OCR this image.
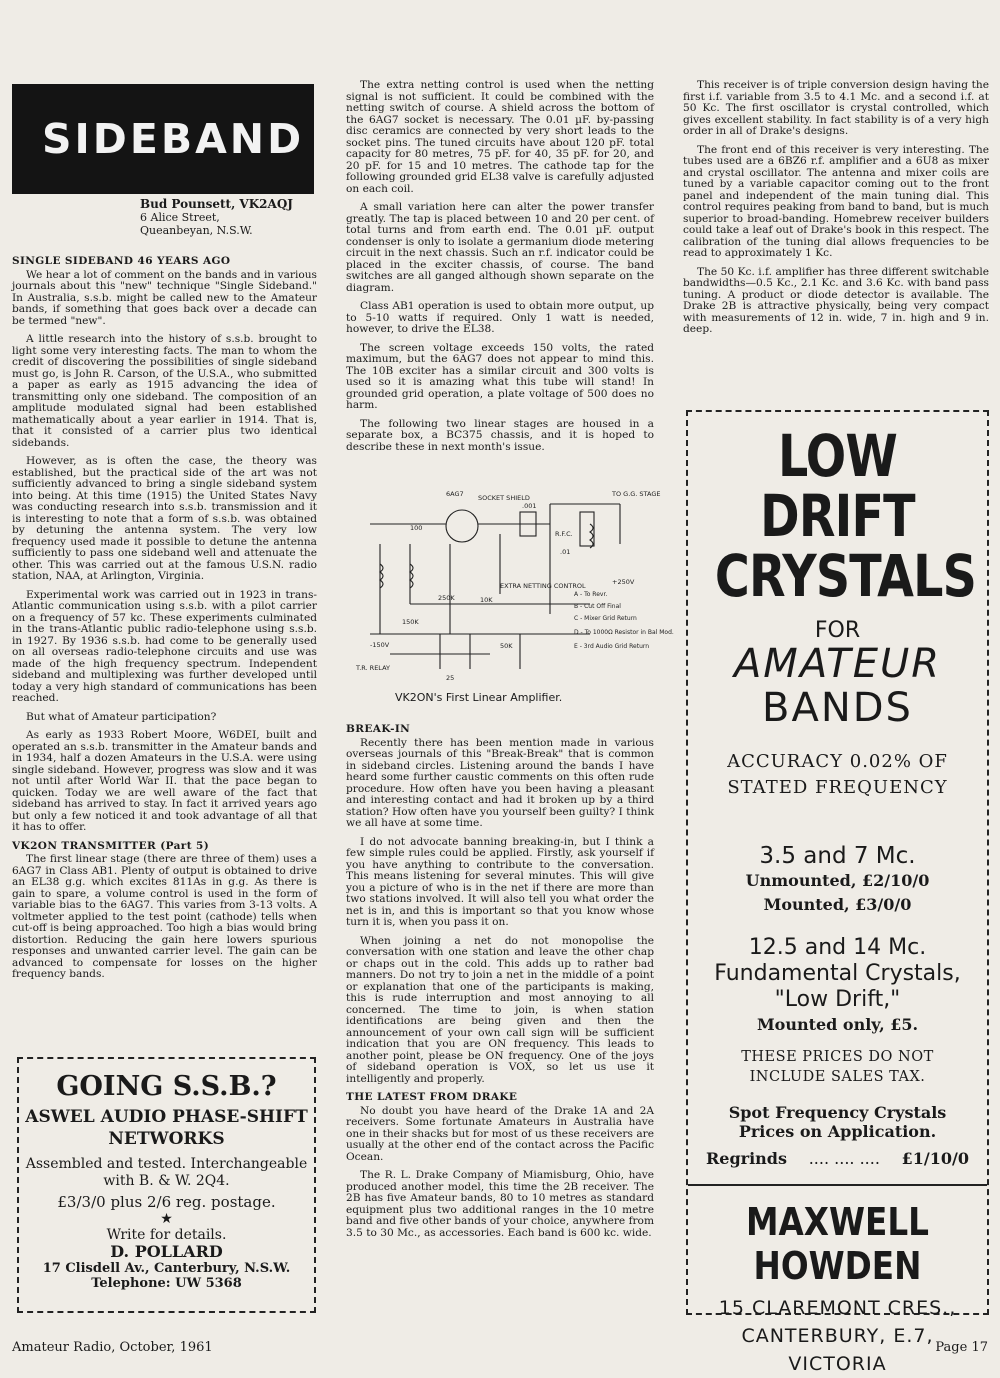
SIDEBAND
Bud Pounsett, VK2AQJ
6 Alice Street,
Queanbeyan, N.S.W.
SINGLE SIDEBAND 46 YEARS AGO

We hear a lot of comment on the bands and in various journals about this "new" technique "Single Sideband." In Australia, s.s.b. might be called new to the Amateur bands, if something that goes back over a decade can be termed "new".

A little research into the history of s.s.b. brought to light some very interesting facts. The man to whom the credit of discovering the possibilities of single sideband must go, is John R. Carson, of the U.S.A., who submitted a paper as early as 1915 advancing the idea of transmitting only one sideband. The composition of an amplitude modulated signal had been established mathematically about a year earlier in 1914. That is, that it consisted of a carrier plus two identical sidebands.

However, as is often the case, the theory was established, but the practical side of the art was not sufficiently advanced to bring a single sideband system into being. At this time (1915) the United States Navy was conducting research into s.s.b. transmission and it is interesting to note that a form of s.s.b. was obtained by detuning the antenna system. The very low frequency used made it possible to detune the antenna sufficiently to pass one sideband well and attenuate the other. This was carried out at the famous U.S.N. radio station, NAA, at Arlington, Virginia.

Experimental work was carried out in 1923 in trans-Atlantic communication using s.s.b. with a pilot carrier on a frequency of 57 kc. These experiments culminated in the trans-Atlantic public radio-telephone using s.s.b. in 1927. By 1936 s.s.b. had come to be generally used on all overseas radio-telephone circuits and use was made of the high frequency spectrum. Independent sideband and multiplexing was further developed until today a very high standard of communications has been reached.

But what of Amateur participation?

As early as 1933 Robert Moore, W6DEI, built and operated an s.s.b. transmitter in the Amateur bands and in 1934, half a dozen Amateurs in the U.S.A. were using single sideband. However, progress was slow and it was not until after World War II. that the pace began to quicken. Today we are well aware of the fact that sideband has arrived to stay. In fact it arrived years ago but only a few noticed it and took advantage of all that it has to offer.

VK2ON TRANSMITTER (Part 5)

The first linear stage (there are three of them) uses a 6AG7 in Class AB1. Plenty of output is obtained to drive an EL38 g.g. which excites 811As in g.g. As there is gain to spare, a volume control is used in the form of variable bias to the 6AG7. This varies from 3-13 volts. A voltmeter applied to the test point (cathode) tells when cut-off is being approached. Too high a bias would bring distortion. Reducing the gain here lowers spurious responses and unwanted carrier level. The gain can be advanced to compensate for losses on the higher frequency bands.

GOING S.S.B.?
ASWEL AUDIO PHASE-SHIFT NETWORKS
Assembled and tested. Interchangeable with B. & W. 2Q4.
£3/3/0 plus 2/6 reg. postage.
★
Write for details.
D. POLLARD
17 Clisdell Av., Canterbury, N.S.W.
Telephone: UW 5368

The extra netting control is used when the netting signal is not sufficient. It could be combined with the netting switch of course. A shield across the bottom of the 6AG7 socket is necessary. The 0.01 µF. by-passing disc ceramics are connected by very short leads to the socket pins. The tuned circuits have about 120 pF. total capacity for 80 metres, 75 pF. for 40, 35 pF. for 20, and 20 pF. for 15 and 10 metres. The cathode tap for the following grounded grid EL38 valve is carefully adjusted on each coil.

A small variation here can alter the power transfer greatly. The tap is placed between 10 and 20 per cent. of total turns and from earth end. The 0.01 µF. output condenser is only to isolate a germanium diode metering circuit in the next chassis. Such an r.f. indicator could be placed in the exciter chassis, of course. The band switches are all ganged although shown separate on the diagram.

Class AB1 operation is used to obtain more output, up to 5-10 watts if required. Only 1 watt is needed, however, to drive the EL38.

The screen voltage exceeds 150 volts, the rated maximum, but the 6AG7 does not appear to mind this. The 10B exciter has a similar circuit and 300 volts is used so it is amazing what this tube will stand! In grounded grid operation, a plate voltage of 500 does no harm.

The following two linear stages are housed in a separate box, a BC375 chassis, and it is hoped to describe these in next month's issue.

6AG7 SOCKET SHIELD
R.F.C.
.001
.01
TO G.G. STAGE
150K
EXTRA NETTING CONTROL	+250V
250K	10K
-150V
T.R. RELAY
A - To Revr.
B - Cut Off Final
C - Mixer Grid Return
D - To 1000Ω Resistor in Bal Mod.
E - 3rd Audio Grid Return
25
50K
100
VK2ON's First Linear Amplifier.
BREAK-IN

Recently there has been mention made in various overseas journals of this "Break-Break" that is common in sideband circles. Listening around the bands I have heard some further caustic comments on this often rude procedure. How often have you been having a pleasant and interesting contact and had it broken up by a third station? How often have you yourself been guilty? I think we all have at some time.

I do not advocate banning breaking-in, but I think a few simple rules could be applied. Firstly, ask yourself if you have anything to contribute to the conversation. This means listening for several minutes. This will give you a picture of who is in the net if there are more than two stations involved. It will also tell you what order the net is in, and this is important so that you know whose turn it is, when you pass it on.

When joining a net do not monopolise the conversation with one station and leave the other chap or chaps out in the cold. This adds up to rather bad manners. Do not try to join a net in the middle of a point or explanation that one of the participants is making, this is rude interruption and most annoying to all concerned. The time to join, is when station identifications are being given and then the announcement of your own call sign will be sufficient indication that you are ON frequency. This leads to another point, please be ON frequency. One of the joys of sideband operation is VOX, so let us use it intelligently and properly.

THE LATEST FROM DRAKE

No doubt you have heard of the Drake 1A and 2A receivers. Some fortunate Amateurs in Australia have one in their shacks but for most of us these receivers are usually at the other end of the contact across the Pacific Ocean.

The R. L. Drake Company of Miamisburg, Ohio, have produced another model, this time the 2B receiver. The 2B has five Amateur bands, 80 to 10 metres as standard equipment plus two additional ranges in the 10 metre band and five other bands of your choice, anywhere from 3.5 to 30 Mc., as accessories. Each band is 600 kc. wide.

This receiver is of triple conversion design having the first i.f. variable from 3.5 to 4.1 Mc. and a second i.f. at 50 Kc. The first oscillator is crystal controlled, which gives excellent stability. In fact stability is of a very high order in all of Drake's designs.

The front end of this receiver is very interesting. The tubes used are a 6BZ6 r.f. amplifier and a 6U8 as mixer and crystal oscillator. The antenna and mixer coils are tuned by a variable capacitor coming out to the front panel and independent of the main tuning dial. This control requires peaking from band to band, but is much superior to broad-banding. Homebrew receiver builders could take a leaf out of Drake's book in this respect. The calibration of the tuning dial allows frequencies to be read to approximately 1 Kc.

The 50 Kc. i.f. amplifier has three different switchable bandwidths—0.5 Kc., 2.1 Kc. and 3.6 Kc. with band pass tuning. A product or diode detector is available. The Drake 2B is attractive physically, being very compact with measurements of 12 in. wide, 7 in. high and 9 in. deep.

LOW DRIFT
CRYSTALS
FOR
AMATEUR
BANDS
ACCURACY 0.02% OF
STATED FREQUENCY
3.5 and 7 Mc.
Unmounted, £2/10/0
Mounted, £3/0/0
12.5 and 14 Mc.
Fundamental Crystals,
"Low Drift,"
Mounted only, £5.
THESE PRICES DO NOT
INCLUDE SALES TAX.
Spot Frequency Crystals
Prices on Application.
Regrinds .... .... .... £1/10/0
MAXWELL HOWDEN
15 CLAREMONT CRES.,
CANTERBURY, E.7,
VICTORIA
Amateur Radio, October, 1961	Page 17
